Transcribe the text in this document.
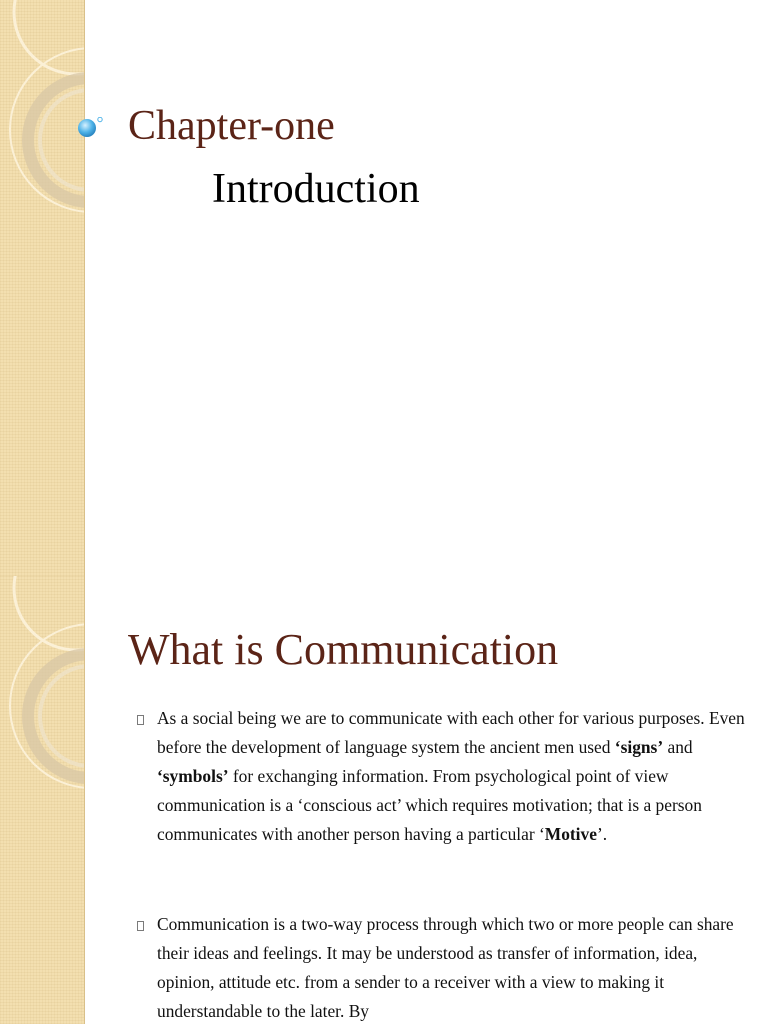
Chapter-one
Introduction
What is Communication

As a social being we are to communicate with each other for various purposes. Even before the development of language system the ancient men used ‘signs’ and ‘symbols’ for exchanging information. From psychological point of view communication is a ‘conscious act’ which requires motivation; that is a person communicates with another person having a particular ‘Motive’.

Communication is a two-way process through which two or more people can share their ideas and feelings. It may be understood as transfer of information, idea, opinion, attitude etc. from a sender to a receiver with a view to making it understandable to the later. By
